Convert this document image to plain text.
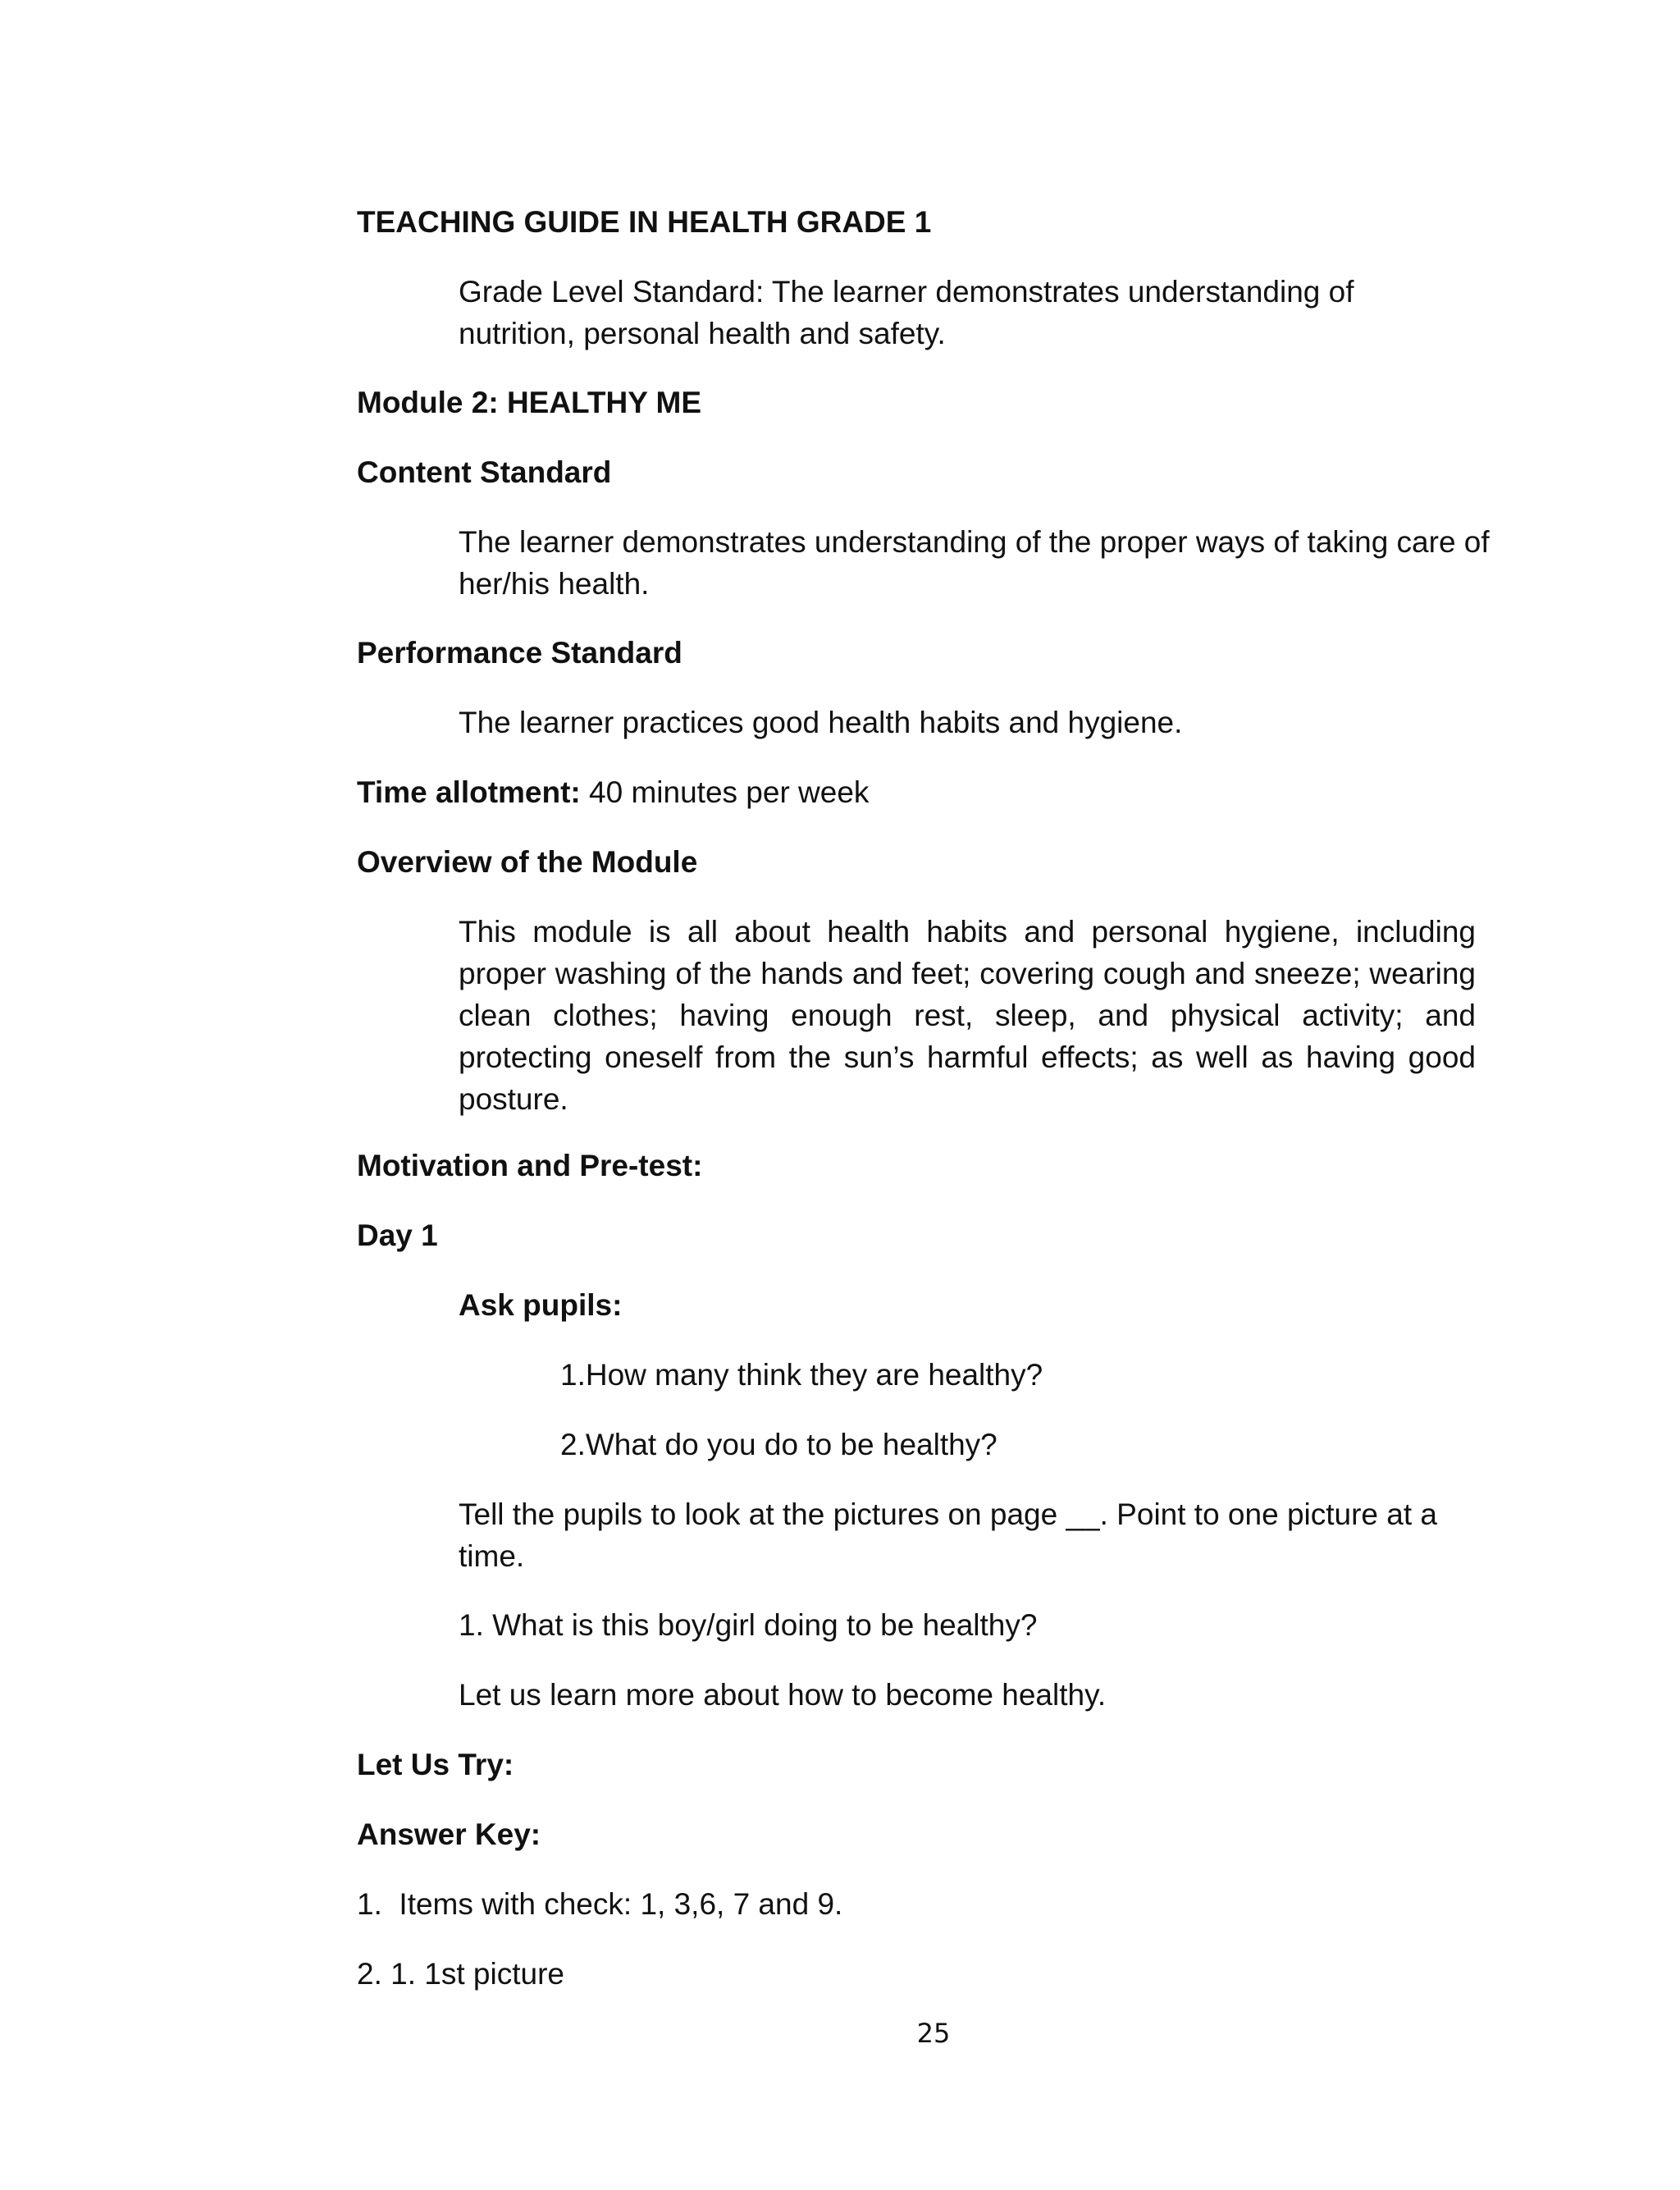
TEACHING GUIDE IN HEALTH GRADE 1

Grade Level Standard: The learner demonstrates understanding of nutrition, personal health and safety.

Module 2: HEALTHY ME

Content Standard

The learner demonstrates understanding of the proper ways of taking care of her/his health.

Performance Standard

The learner practices good health habits and hygiene.

Time allotment: 40 minutes per week

Overview of the Module

This module is all about health habits and personal hygiene, including proper washing of the hands and feet; covering cough and sneeze; wearing clean clothes; having enough rest, sleep, and physical activity; and protecting oneself from the sun’s harmful effects; as well as having good posture.

Motivation and Pre-test:

Day 1

Ask pupils:

1.How many think they are healthy?

2.What do you do to be healthy?

Tell the pupils to look at the pictures on page __. Point to one picture at a time.

1. What is this boy/girl doing to be healthy?

Let us learn more about how to become healthy.

Let Us Try:

Answer Key:

1.  Items with check: 1, 3,6, 7 and 9.

2. 1. 1st picture

25
